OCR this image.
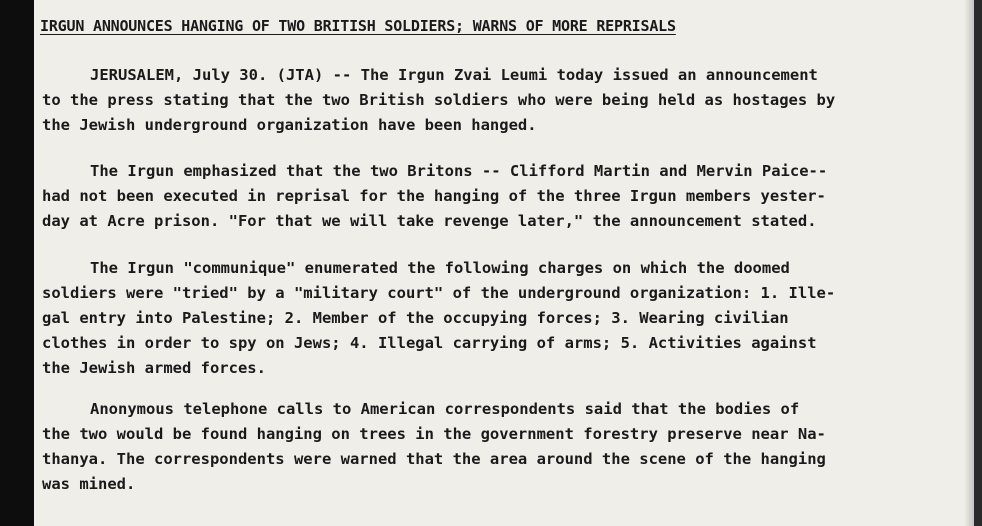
IRGUN ANNOUNCES HANGING OF TWO BRITISH SOLDIERS; WARNS OF MORE REPRISALS
JERUSALEM, July 30. (JTA) -- The Irgun Zvai Leumi today issued an announcement
to the press stating that the two British soldiers who were being held as hostages by
the Jewish underground organization have been hanged.
The Irgun emphasized that the two Britons -- Clifford Martin and Mervin Paice--
had not been executed in reprisal for the hanging of the three Irgun members yester-
day at Acre prison. "For that we will take revenge later," the announcement stated.
The Irgun "communique" enumerated the following charges on which the doomed
soldiers were "tried" by a "military court" of the underground organization: 1. Ille-
gal entry into Palestine; 2. Member of the occupying forces; 3. Wearing civilian
clothes in order to spy on Jews; 4. Illegal carrying of arms; 5. Activities against
the Jewish armed forces.
Anonymous telephone calls to American correspondents said that the bodies of
the two would be found hanging on trees in the government forestry preserve near Na-
thanya. The correspondents were warned that the area around the scene of the hanging
was mined.
